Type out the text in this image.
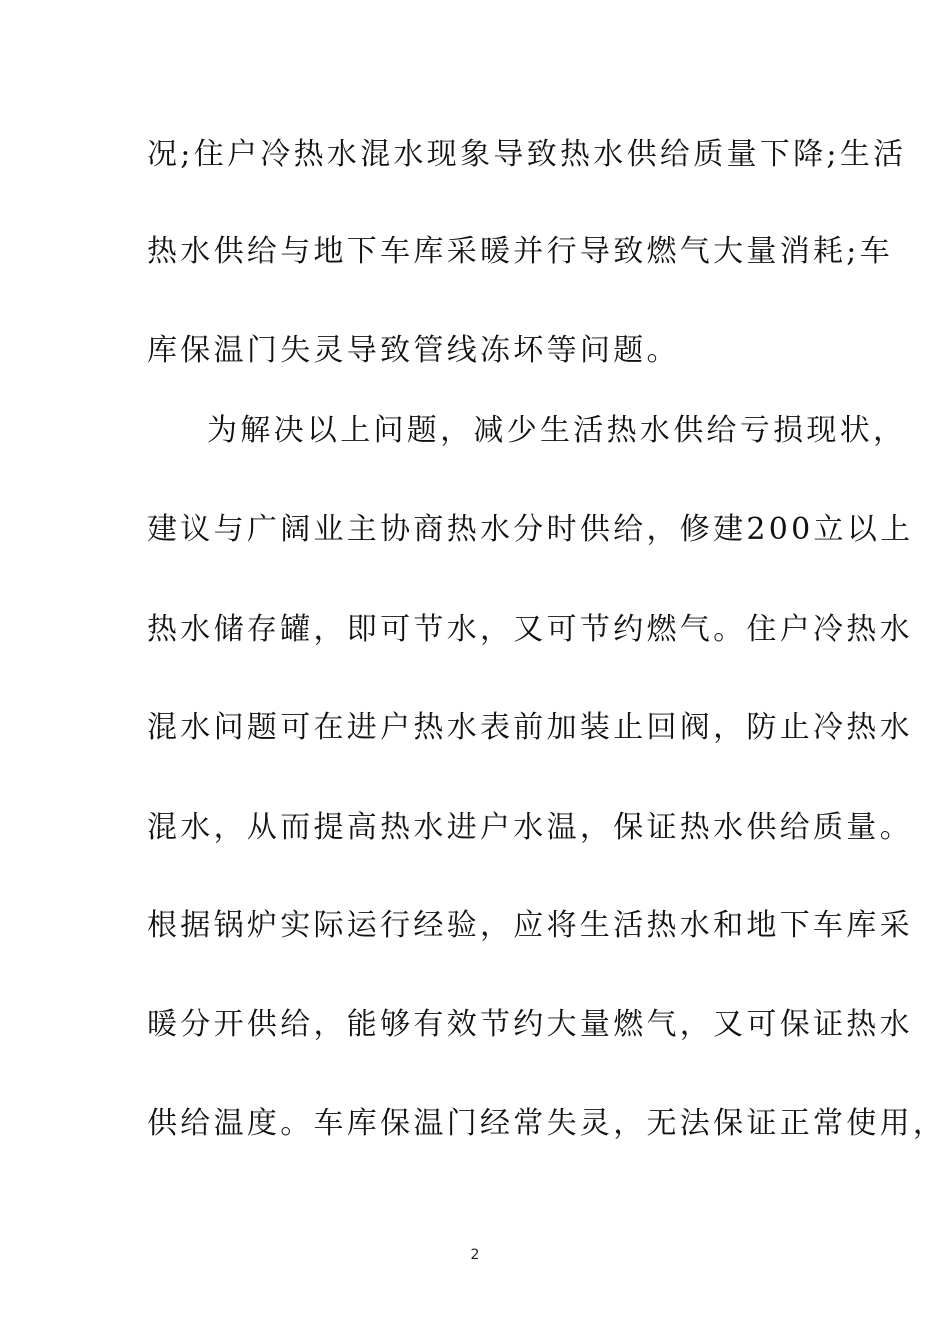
况;住户冷热水混水现象导致热水供给质量下降;生活
热水供给与地下车库采暖并行导致燃气大量消耗;车
库保温门失灵导致管线冻坏等问题。
为解决以上问题，减少生活热水供给亏损现状，
建议与广阔业主协商热水分时供给，修建200立以上
热水储存罐，即可节水，又可节约燃气。住户冷热水
混水问题可在进户热水表前加装止回阀，防止冷热水
混水，从而提高热水进户水温，保证热水供给质量。
根据锅炉实际运行经验，应将生活热水和地下车库采
暖分开供给，能够有效节约大量燃气，又可保证热水
供给温度。车库保温门经常失灵，无法保证正常使用，
2
